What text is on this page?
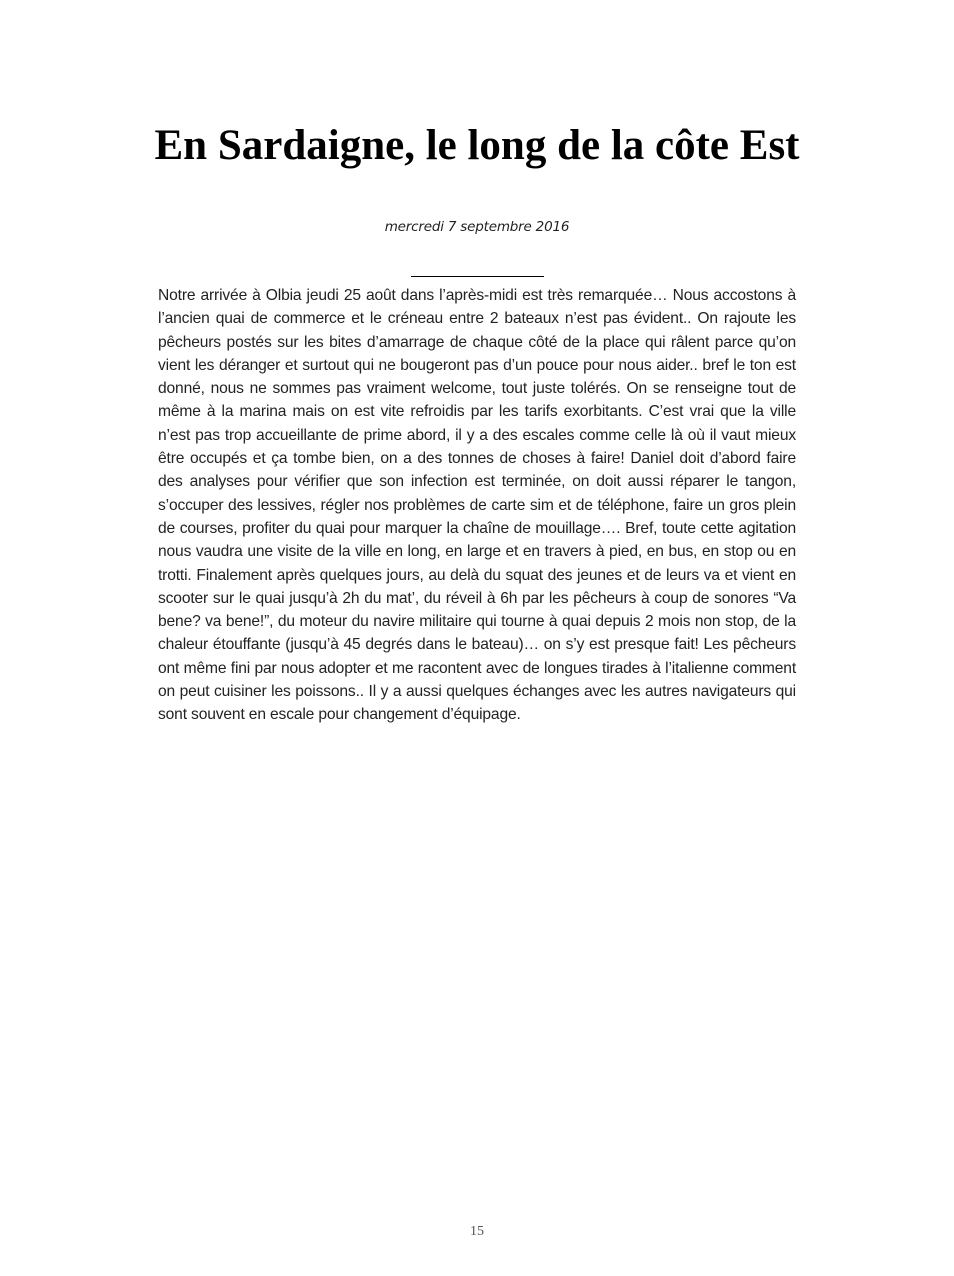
En Sardaigne, le long de la côte Est
mercredi 7 septembre 2016

Notre arrivée à Olbia jeudi 25 août dans l’après-midi est très remarquée… Nous accostons à l’ancien quai de commerce et le créneau entre 2 bateaux n’est pas évident.. On rajoute les pêcheurs postés sur les bites d’amarrage de chaque côté de la place qui râlent parce qu’on vient les déranger et surtout qui ne bougeront pas d’un pouce pour nous aider.. bref le ton est donné, nous ne sommes pas vraiment welcome, tout juste tolérés. On se renseigne tout de même à la marina mais on est vite refroidis par les tarifs exorbitants. C’est vrai que la ville n’est pas trop accueillante de prime abord, il y a des escales comme celle là où il vaut mieux être occupés et ça tombe bien, on a des tonnes de choses à faire! Daniel doit d’abord faire des analyses pour vérifier que son infection est terminée, on doit aussi réparer le tangon, s’occuper des lessives, régler nos problèmes de carte sim et de téléphone, faire un gros plein de courses, profiter du quai pour marquer la chaîne de mouillage…. Bref, toute cette agitation nous vaudra une visite de la ville en long, en large et en travers à pied, en bus, en stop ou en trotti. Finalement après quelques jours, au delà du squat des jeunes et de leurs va et vient en scooter sur le quai jusqu’à 2h du mat’, du réveil à 6h par les pêcheurs à coup de sonores “Va bene? va bene!”, du moteur du navire militaire qui tourne à quai depuis 2 mois non stop, de la chaleur étouffante (jusqu’à 45 degrés dans le bateau)… on s’y est presque fait! Les pêcheurs ont même fini par nous adopter et me racontent avec de longues tirades à l’italienne comment on peut cuisiner les poissons.. Il y a aussi quelques échanges avec les autres navigateurs qui sont souvent en escale pour changement d’équipage.

15
